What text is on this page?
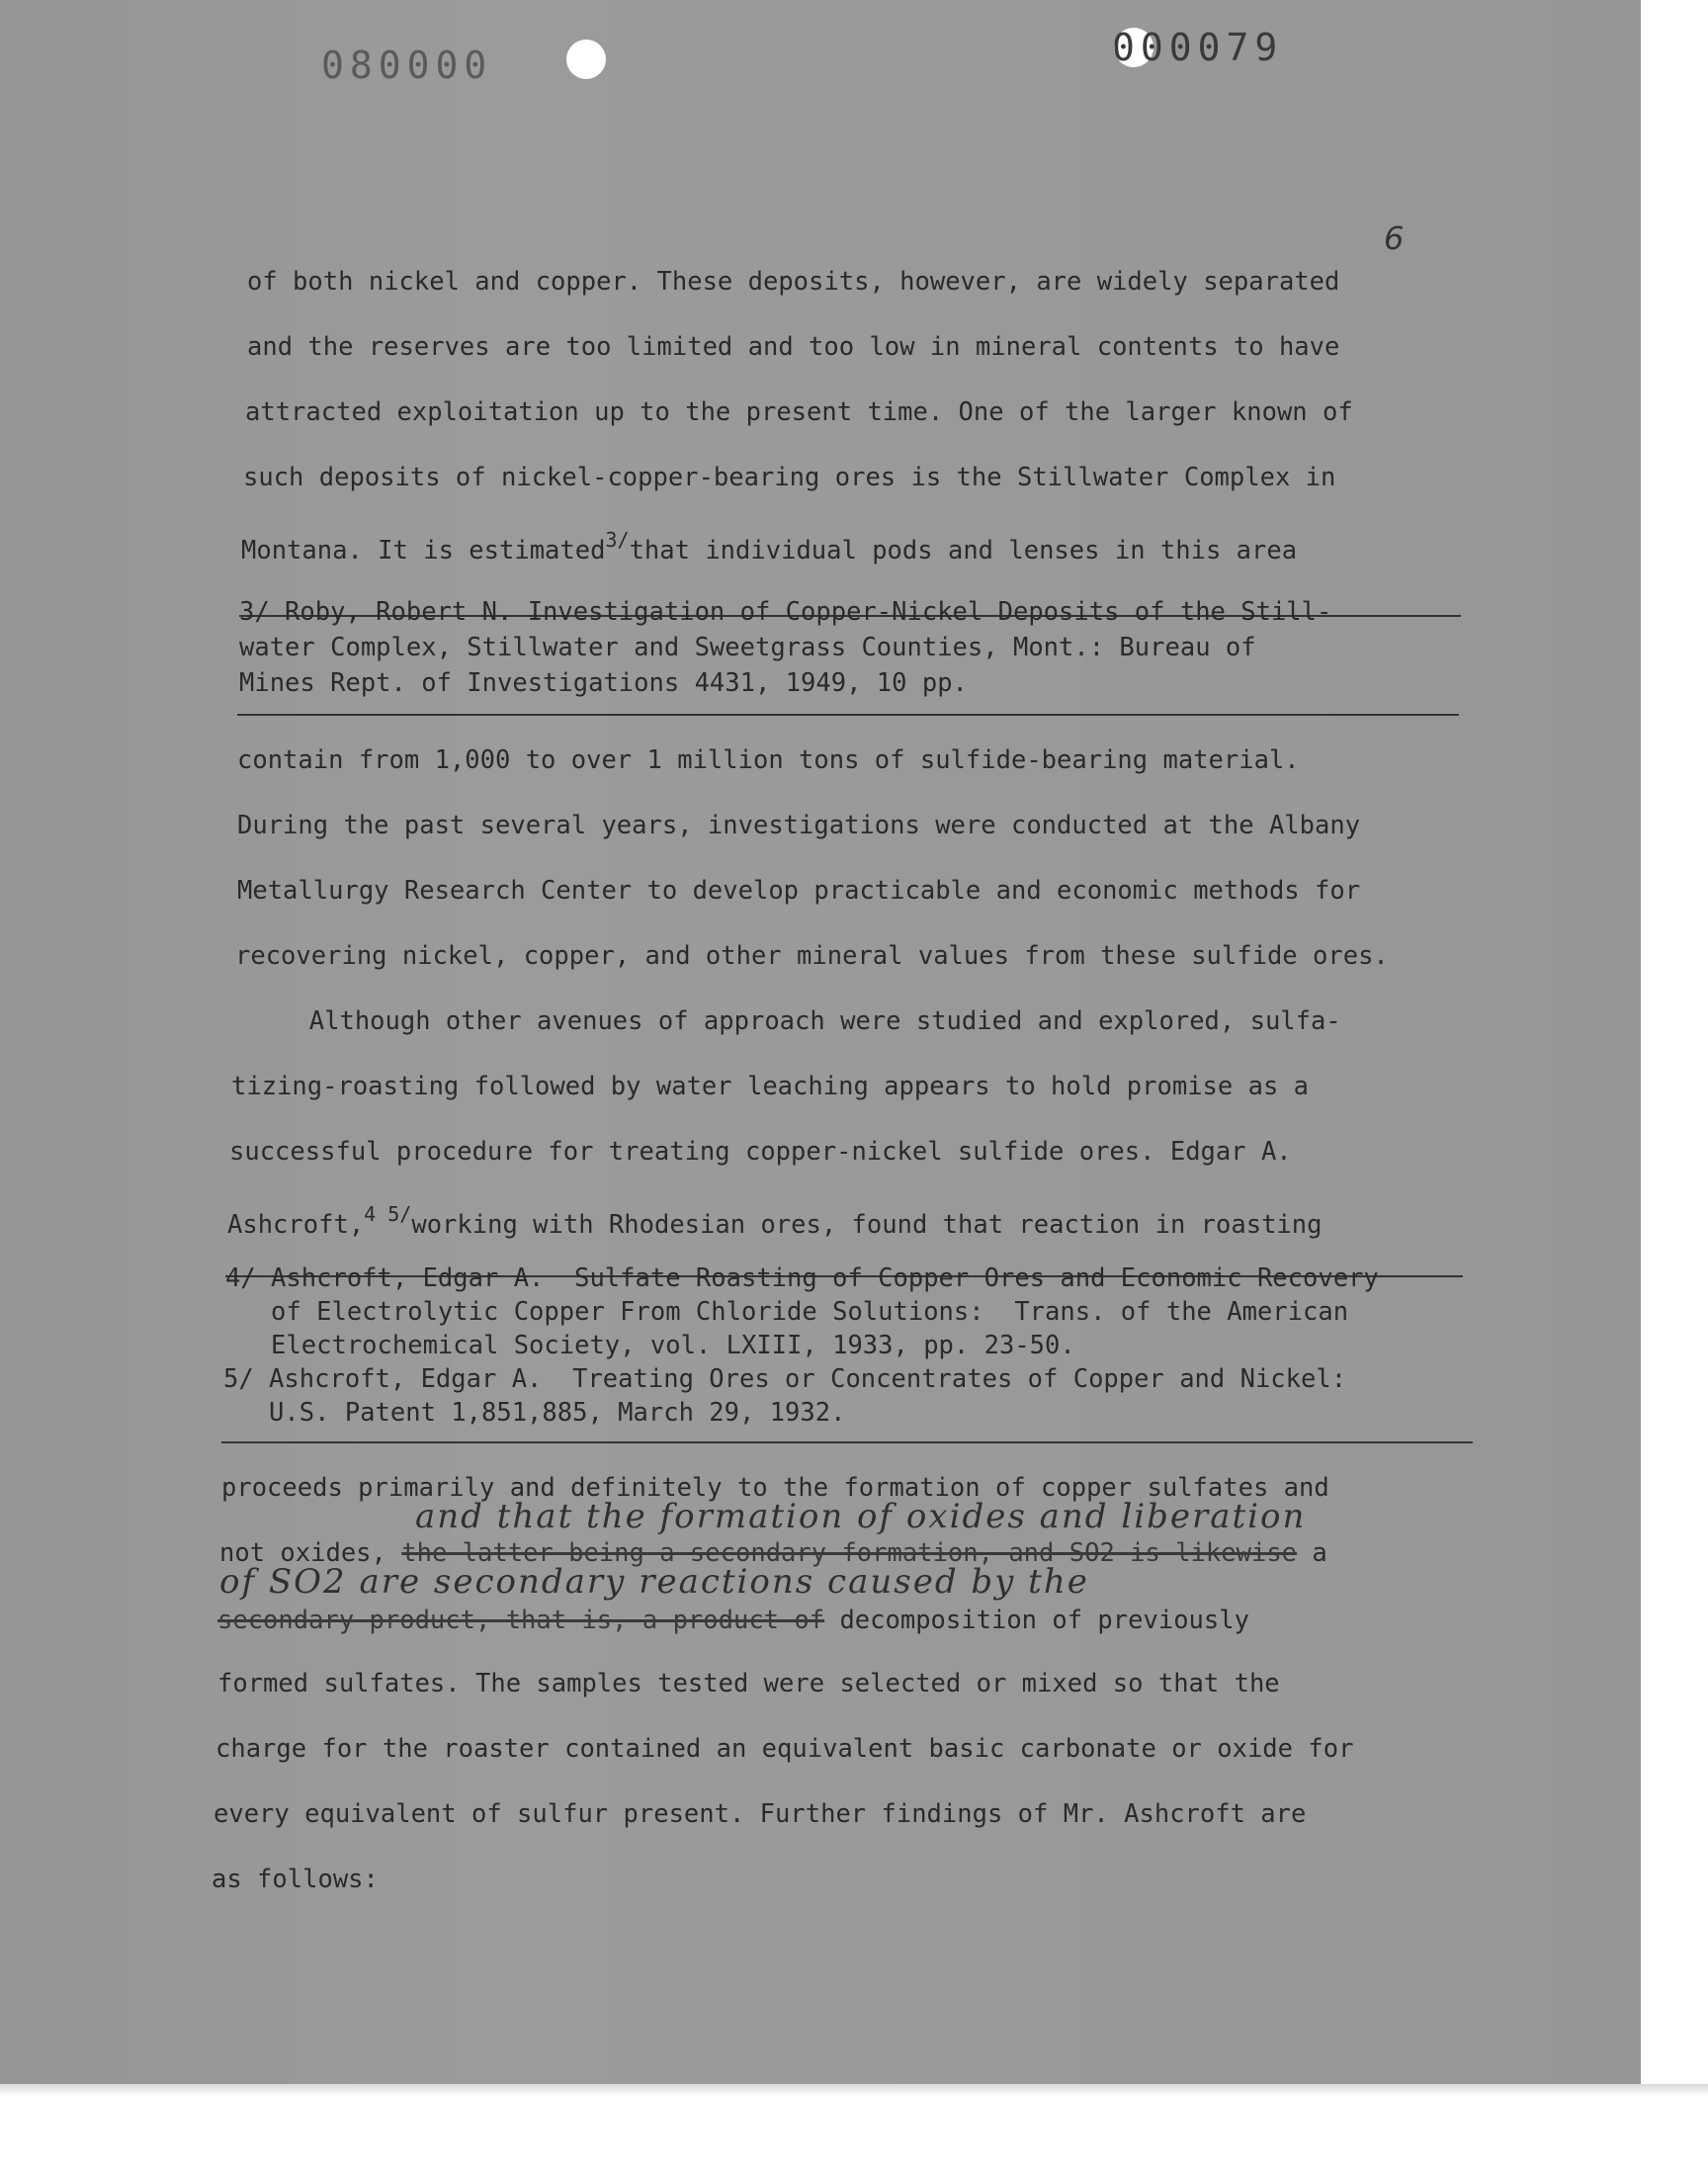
080000	000079
6
of both nickel and copper. These deposits, however, are widely separated
and the reserves are too limited and too low in mineral contents to have
attracted exploitation up to the present time. One of the larger known of
such deposits of nickel-copper-bearing ores is the Stillwater Complex in
Montana. It is estimated$^{3/}$that individual pods and lenses in this area
3/ Roby, Robert N. Investigation of Copper-Nickel Deposits of the Still-
water Complex, Stillwater and Sweetgrass Counties, Mont.: Bureau of
Mines Rept. of Investigations 4431, 1949, 10 pp.
contain from 1,000 to over 1 million tons of sulfide-bearing material.
During the past several years, investigations were conducted at the Albany
Metallurgy Research Center to develop practicable and economic methods for
recovering nickel, copper, and other mineral values from these sulfide ores.
Although other avenues of approach were studied and explored, sulfa-
tizing-roasting followed by water leaching appears to hold promise as a
successful procedure for treating copper-nickel sulfide ores. Edgar A.
Ashcroft,$^{4 5/}$working with Rhodesian ores, found that reaction in roasting
4/ Ashcroft, Edgar A.  Sulfate Roasting of Copper Ores and Economic Recovery
of Electrolytic Copper From Chloride Solutions:  Trans. of the American
Electrochemical Society, vol. LXIII, 1933, pp. 23-50.
5/ Ashcroft, Edgar A.  Treating Ores or Concentrates of Copper and Nickel:
U.S. Patent 1,851,885, March 29, 1932.
proceeds primarily and definitely to the formation of copper sulfates and
and that the formation of oxides and liberation
not oxides, the latter being a secondary formation, and SO2 is likewise a
of SO2 are secondary reactions caused by the
secondary product, that is, a product of decomposition of previously
formed sulfates. The samples tested were selected or mixed so that the
charge for the roaster contained an equivalent basic carbonate or oxide for
every equivalent of sulfur present. Further findings of Mr. Ashcroft are
as follows:
